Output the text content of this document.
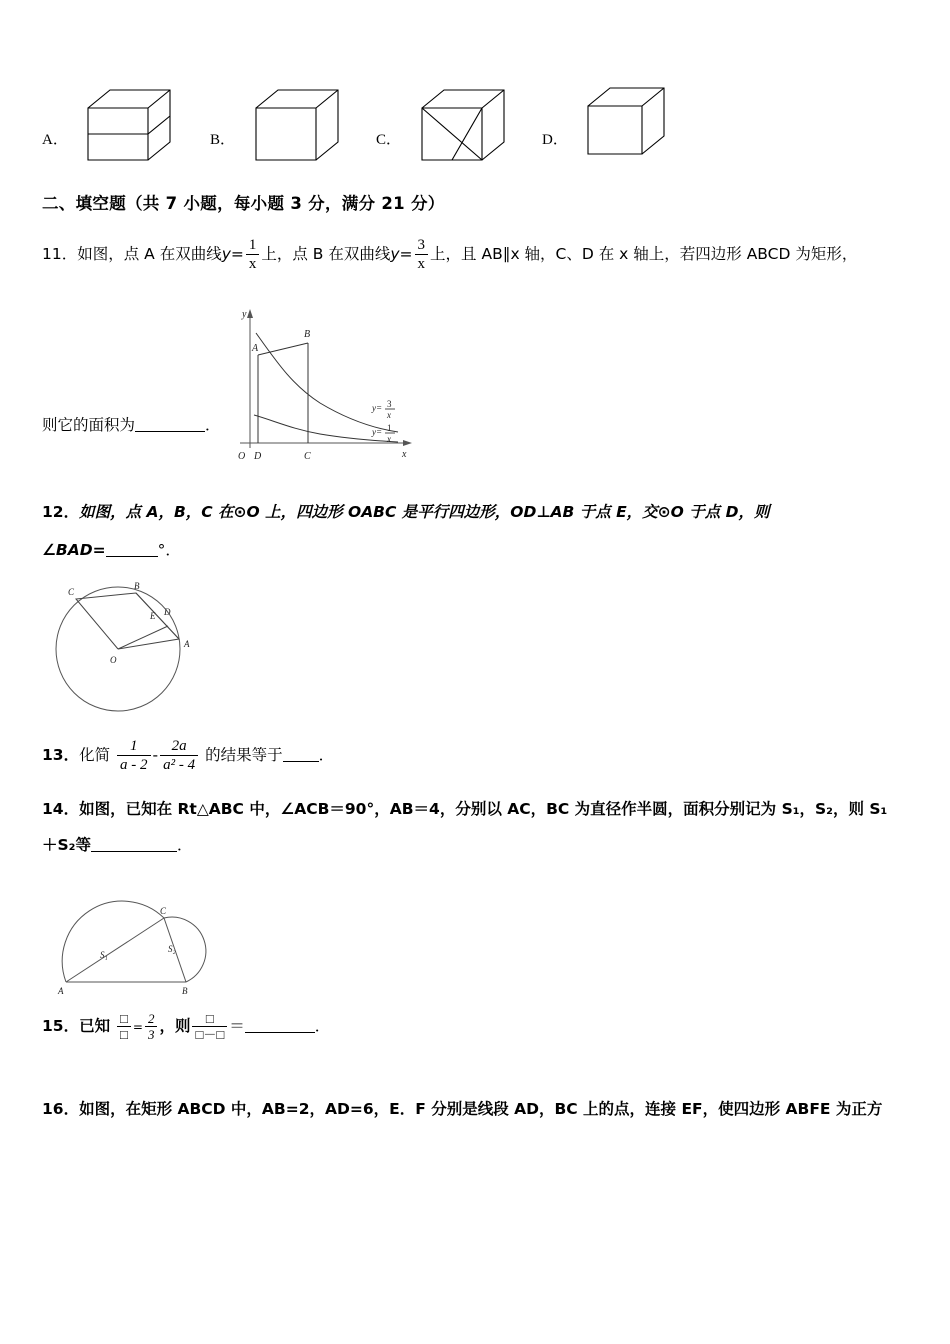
A．	B．	C．	D．
二、填空题（共 7 小题，每小题 3 分，满分 21 分）
11．如图，点 A 在双曲线$y= \frac{1}{x}$ 上，点 B 在双曲线$y= \frac{3}{x}$ 上，且 AB∥x 轴，C、D 在 x 轴上，若四边形 ABCD 为矩形，
则它的面积为	．
y
x
O
A
B
D	C
y= 3
x
y= 1
x
12．如图，点 A，B，C 在⊙O 上，四边形 OABC 是平行四边形，OD⊥AB 于点 E，交⊙O 于点 D，则
∠BAD=	°．
C
B
E D
A
O
13．化简 $\frac{1}{a - 2} - \frac{2a}{\text{a² - 4}}$ 的结果等于 ．
14．如图，已知在 Rt△ABC 中，∠ACB＝90°，AB＝4，分别以 AC，BC 为直径作半圆，面积分别记为 S₁，S₂，则 S₁
＋S₂等	．
S₁
S₂
C
A	B
15．已知 $\frac{□}{□} = \frac{2}{3}$ ，则 $\frac{□}{□-□}$ ＝	．
16．如图，在矩形 ABCD 中，AB=2，AD=6，E．F 分别是线段 AD，BC 上的点，连接 EF，使四边形 ABFE 为正方
